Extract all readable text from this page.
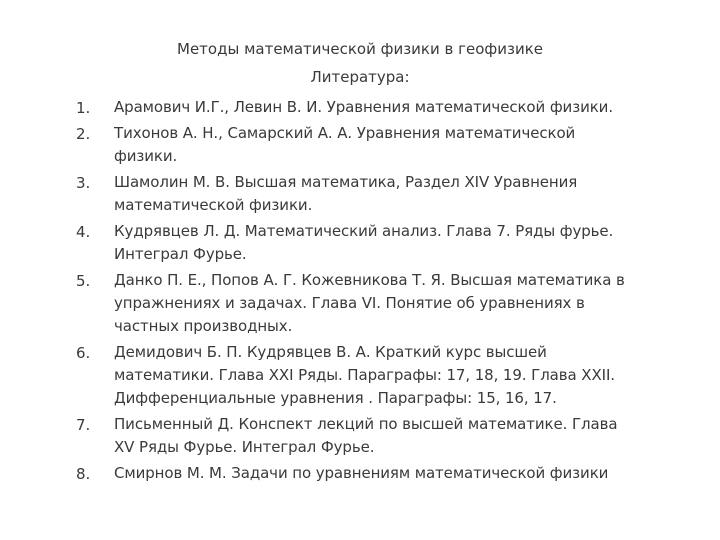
Методы математической физики в геофизике
Литература:
1.	Арамович И.Г., Левин В. И. Уравнения математической физики.
2.	Тихонов А. Н., Самарский А. А. Уравнения математической
физики.
3.	Шамолин М. В. Высшая математика, Раздел XIV Уравнения
математической физики.
4.	Кудрявцев Л. Д. Математический анализ. Глава 7. Ряды фурье.
Интеграл Фурье.
5.	Данко П. Е., Попов А. Г. Кожевникова Т. Я. Высшая математика в
упражнениях и задачах. Глава VI. Понятие об уравнениях в
частных производных.
6.	Демидович Б. П. Кудрявцев В. А. Краткий курс высшей
математики. Глава XXI Ряды. Параграфы: 17, 18, 19. Глава XXII.
Дифференциальные уравнения . Параграфы: 15, 16, 17.
7.	Письменный Д. Конспект лекций по высшей математике. Глава
XV Ряды Фурье. Интеграл Фурье.
8.	Смирнов М. М. Задачи по уравнениям математической физики
